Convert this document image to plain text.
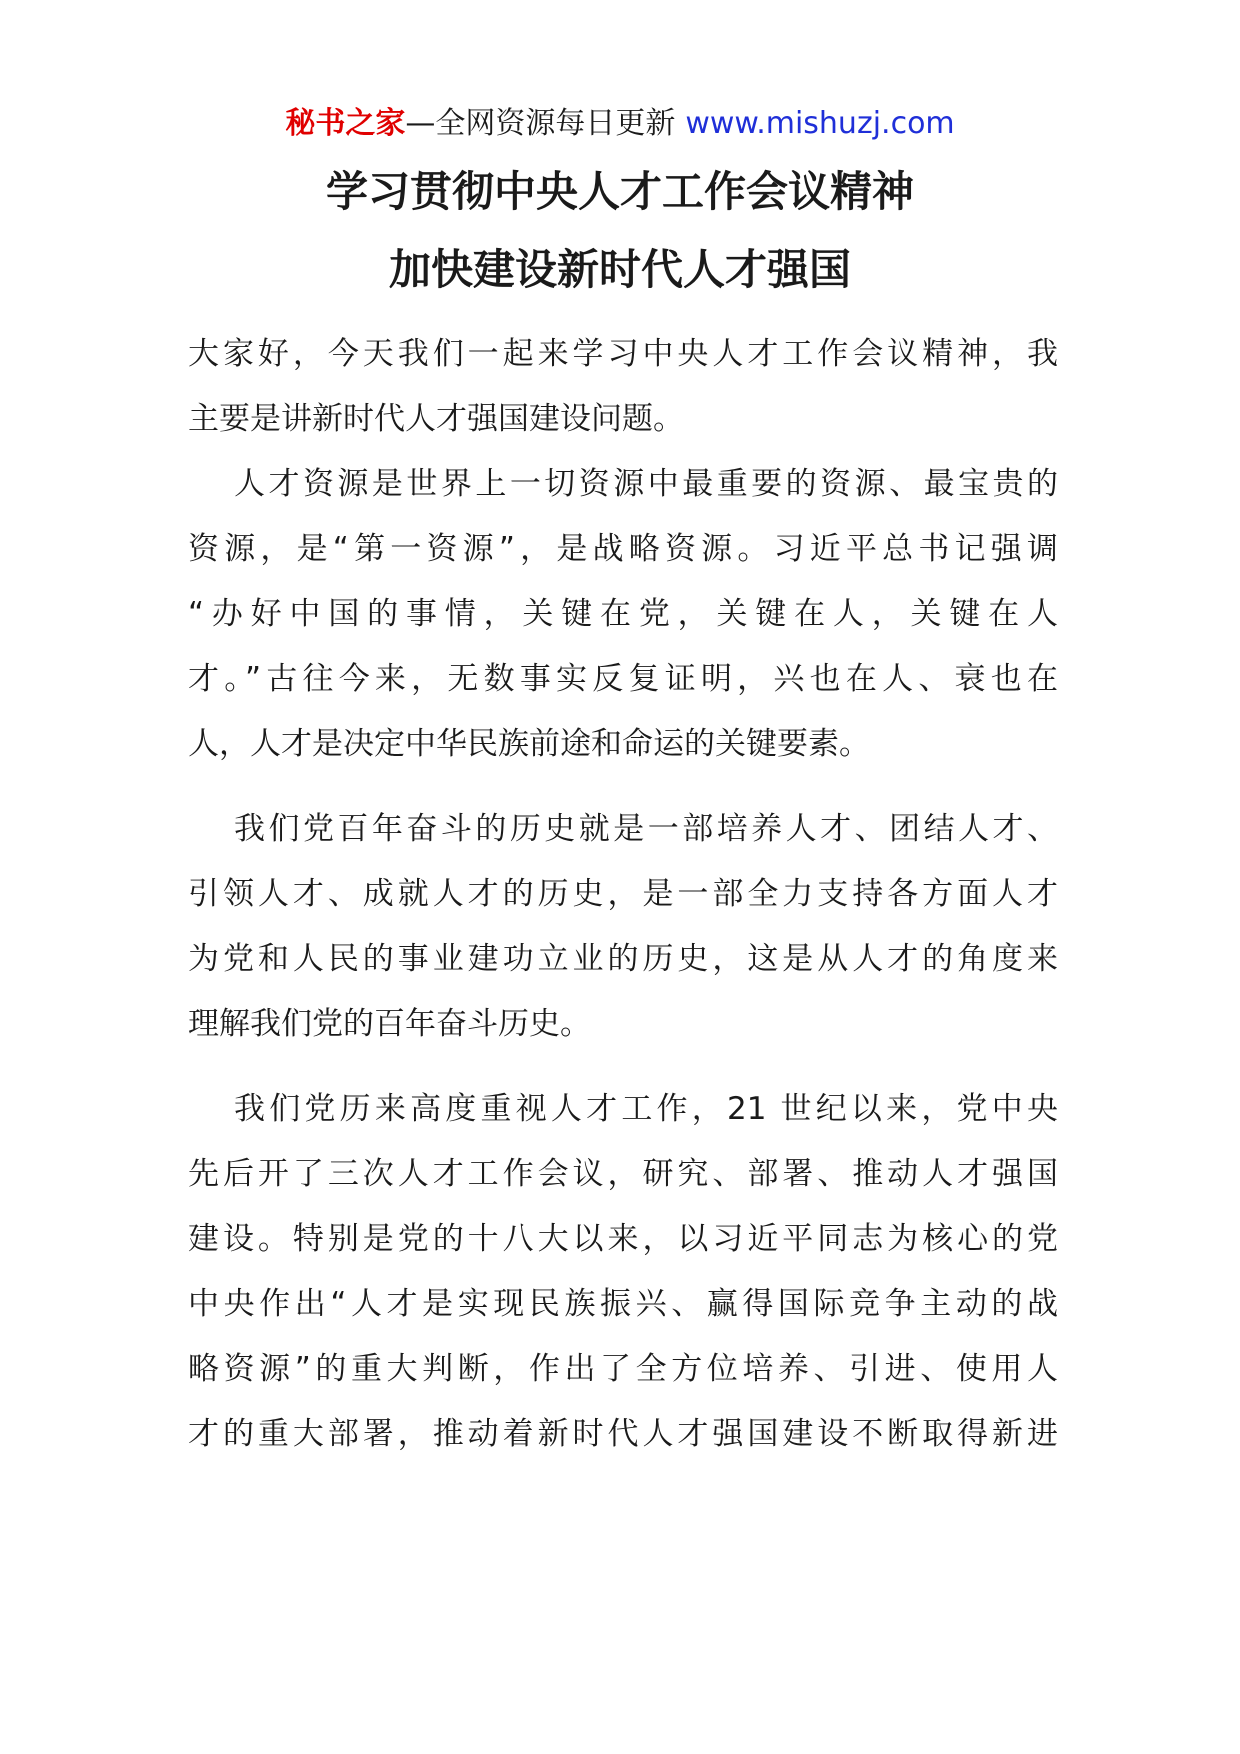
秘书之家—全网资源每日更新 www.mishuzj.com
学习贯彻中央人才工作会议精神
加快建设新时代人才强国
大家好，今天我们一起来学习中央人才工作会议精神，我
主要是讲新时代人才强国建设问题。
人才资源是世界上一切资源中最重要的资源、最宝贵的
资源，是“第一资源”，是战略资源。习近平总书记强调
“办好中国的事情，关键在党，关键在人，关键在人
才。”古往今来，无数事实反复证明，兴也在人、衰也在
人，人才是决定中华民族前途和命运的关键要素。
我们党百年奋斗的历史就是一部培养人才、团结人才、
引领人才、成就人才的历史，是一部全力支持各方面人才
为党和人民的事业建功立业的历史，这是从人才的角度来
理解我们党的百年奋斗历史。
我们党历来高度重视人才工作，21 世纪以来，党中央
先后开了三次人才工作会议，研究、部署、推动人才强国
建设。特别是党的十八大以来，以习近平同志为核心的党
中央作出“人才是实现民族振兴、赢得国际竞争主动的战
略资源”的重大判断，作出了全方位培养、引进、使用人
才的重大部署，推动着新时代人才强国建设不断取得新进
